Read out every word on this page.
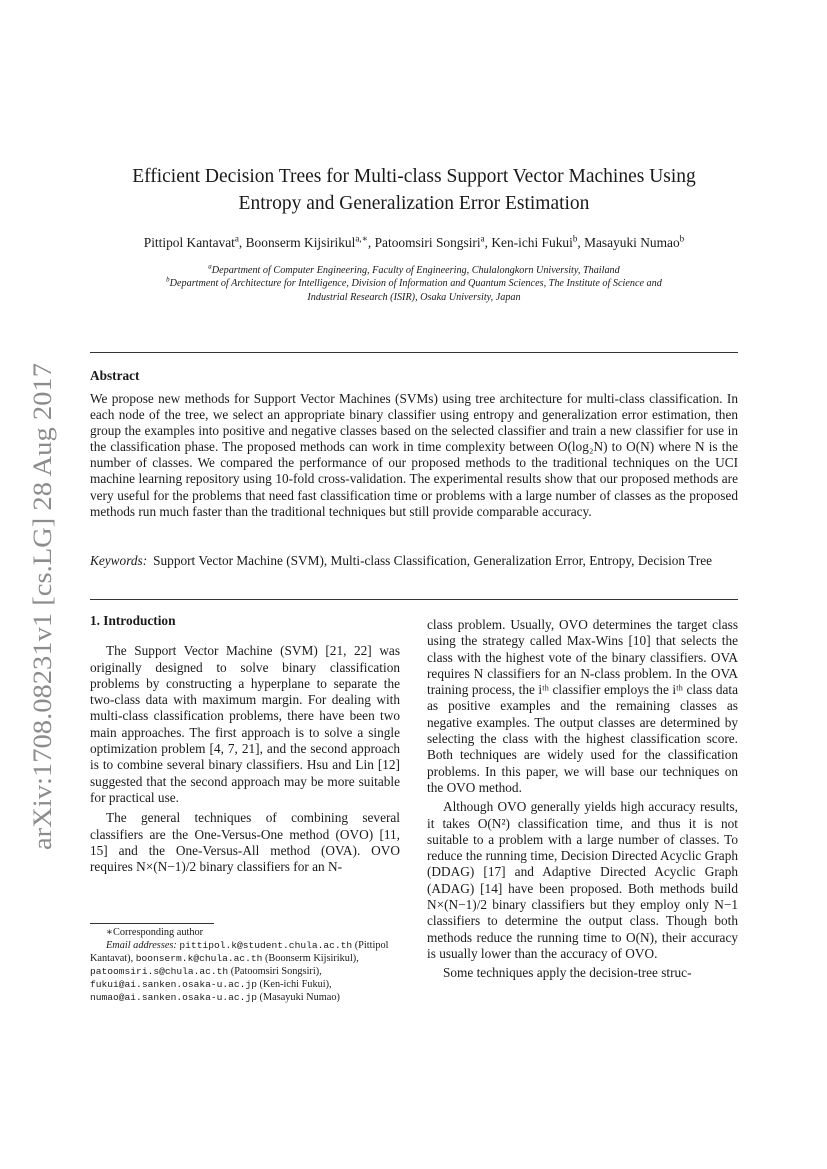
arXiv:1708.08231v1 [cs.LG] 28 Aug 2017
Efficient Decision Trees for Multi-class Support Vector Machines Using
Entropy and Generalization Error Estimation
Pittipol Kantavat$^a$, Boonserm Kijsirikul$^{a,∗}$, Patoomsiri Songsiri$^a$, Ken-ichi Fukui$^b$, Masayuki Numao$^b$
$^a$Department of Computer Engineering, Faculty of Engineering, Chulalongkorn University, Thailand
$^b$Department of Architecture for Intelligence, Division of Information and Quantum Sciences, The Institute of Science and
Industrial Research (ISIR), Osaka University, Japan
Abstract

We propose new methods for Support Vector Machines (SVMs) using tree architecture for multi-class classification. In each node of the tree, we select an appropriate binary classifier using entropy and generalization error estimation, then group the examples into positive and negative classes based on the selected classifier and train a new classifier for use in the classification phase. The proposed methods can work in time complexity between O(log₂N) to O(N) where N is the number of classes. We compared the performance of our proposed methods to the traditional techniques on the UCI machine learning repository using 10-fold cross-validation. The experimental results show that our proposed methods are very useful for the problems that need fast classification time or problems with a large number of classes as the proposed methods run much faster than the traditional techniques but still provide comparable accuracy.

Keywords: Support Vector Machine (SVM), Multi-class Classification, Generalization Error, Entropy, Decision Tree

1. Introduction

The Support Vector Machine (SVM) [21, 22] was originally designed to solve binary classification problems by constructing a hyperplane to separate the two-class data with maximum margin. For dealing with multi-class classification problems, there have been two main approaches. The first approach is to solve a single optimization problem [4, 7, 21], and the second approach is to combine several binary classifiers. Hsu and Lin [12] suggested that the second approach may be more suitable for practical use.

The general techniques of combining several classifiers are the One-Versus-One method (OVO) [11, 15] and the One-Versus-All method (OVA). OVO requires N×(N−1)/2 binary classifiers for an N-

class problem. Usually, OVO determines the target class using the strategy called Max-Wins [10] that selects the class with the highest vote of the binary classifiers. OVA requires N classifiers for an N-class problem. In the OVA training process, the iᵗʰ classifier employs the iᵗʰ class data as positive examples and the remaining classes as negative examples. The output classes are determined by selecting the class with the highest classification score. Both techniques are widely used for the classification problems. In this paper, we will base our techniques on the OVO method.

Although OVO generally yields high accuracy results, it takes O(N²) classification time, and thus it is not suitable to a problem with a large number of classes. To reduce the running time, Decision Directed Acyclic Graph (DDAG) [17] and Adaptive Directed Acyclic Graph (ADAG) [14] have been proposed. Both methods build N×(N−1)/2 binary classifiers but they employ only N−1 classifiers to determine the output class. Though both methods reduce the running time to O(N), their accuracy is usually lower than the accuracy of OVO.

Some techniques apply the decision-tree struc-

∗Corresponding author
Email addresses: pittipol.k@student.chula.ac.th (Pittipol Kantavat), boonserm.k@chula.ac.th (Boonserm Kijsirikul), patoomsiri.s@chula.ac.th (Patoomsiri Songsiri), fukui@ai.sanken.osaka-u.ac.jp (Ken-ichi Fukui), numao@ai.sanken.osaka-u.ac.jp (Masayuki Numao)
